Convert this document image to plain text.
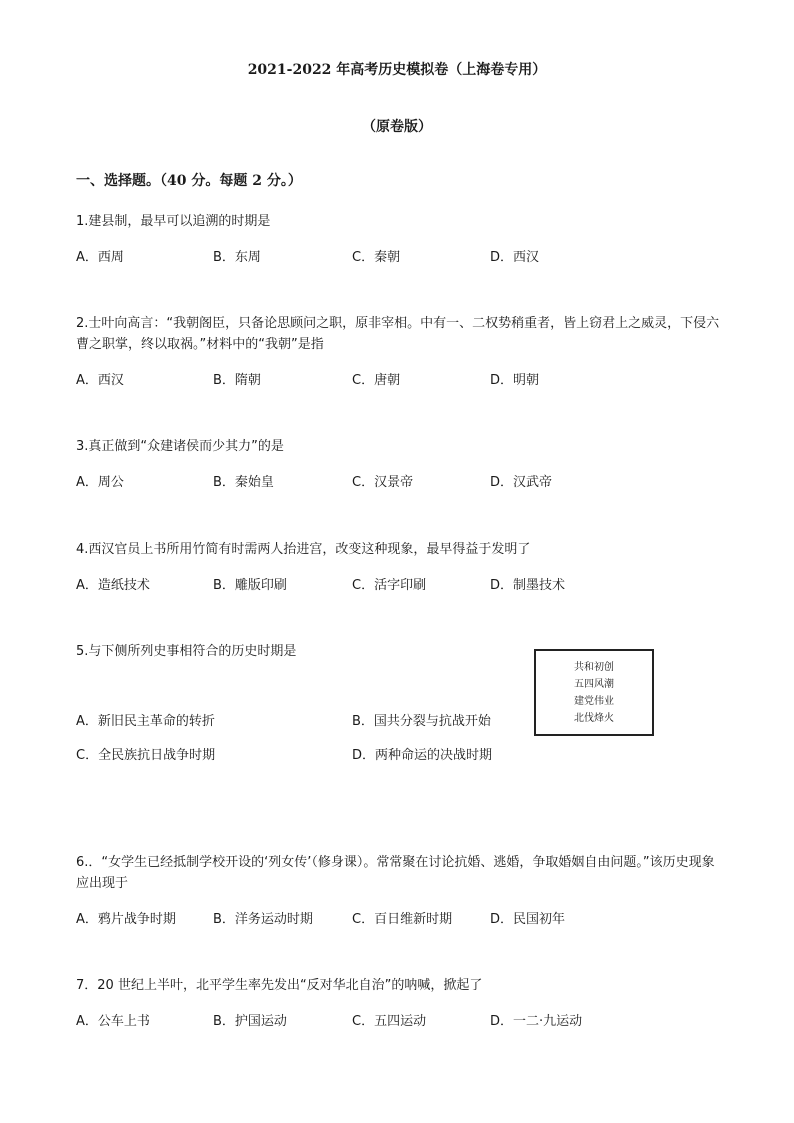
2021-2022 年高考历史模拟卷（上海卷专用）
（原卷版）
一、选择题。（40 分。每题 2 分。）
1.建县制，最早可以追溯的时期是
A．西周	B．东周	C．秦朝	D．西汉
2.士叶向高言：“我朝阁臣，只备论思顾问之职，原非宰相。中有一、二权势稍重者，皆上窃君上之威灵，下侵六曹之职掌，终以取祸。”材料中的“我朝”是指
A．西汉	B．隋朝	C．唐朝	D．明朝
3.真正做到“众建诸侯而少其力”的是
A．周公	B．秦始皇	C．汉景帝	D．汉武帝
4.西汉官员上书所用竹简有时需两人抬进宫，改变这种现象，最早得益于发明了
A．造纸技术	B．雕版印刷	C．活字印刷	D．制墨技术
5.与下侧所列史事相符合的历史时期是
共和初创
五四风潮
建党伟业
北伐烽火
A．新旧民主革命的转折	B．国共分裂与抗战开始
C．全民族抗日战争时期	D．两种命运的决战时期
6.．“女学生已经抵制学校开设的‘列女传’（修身课）。常常聚在讨论抗婚、逃婚，争取婚姻自由问题。”该历史现象应出现于
A．鸦片战争时期	B．洋务运动时期	C．百日维新时期	D．民国初年
7．20 世纪上半叶，北平学生率先发出“反对华北自治”的呐喊，掀起了
A．公车上书	B．护国运动	C．五四运动	D．一二·九运动
